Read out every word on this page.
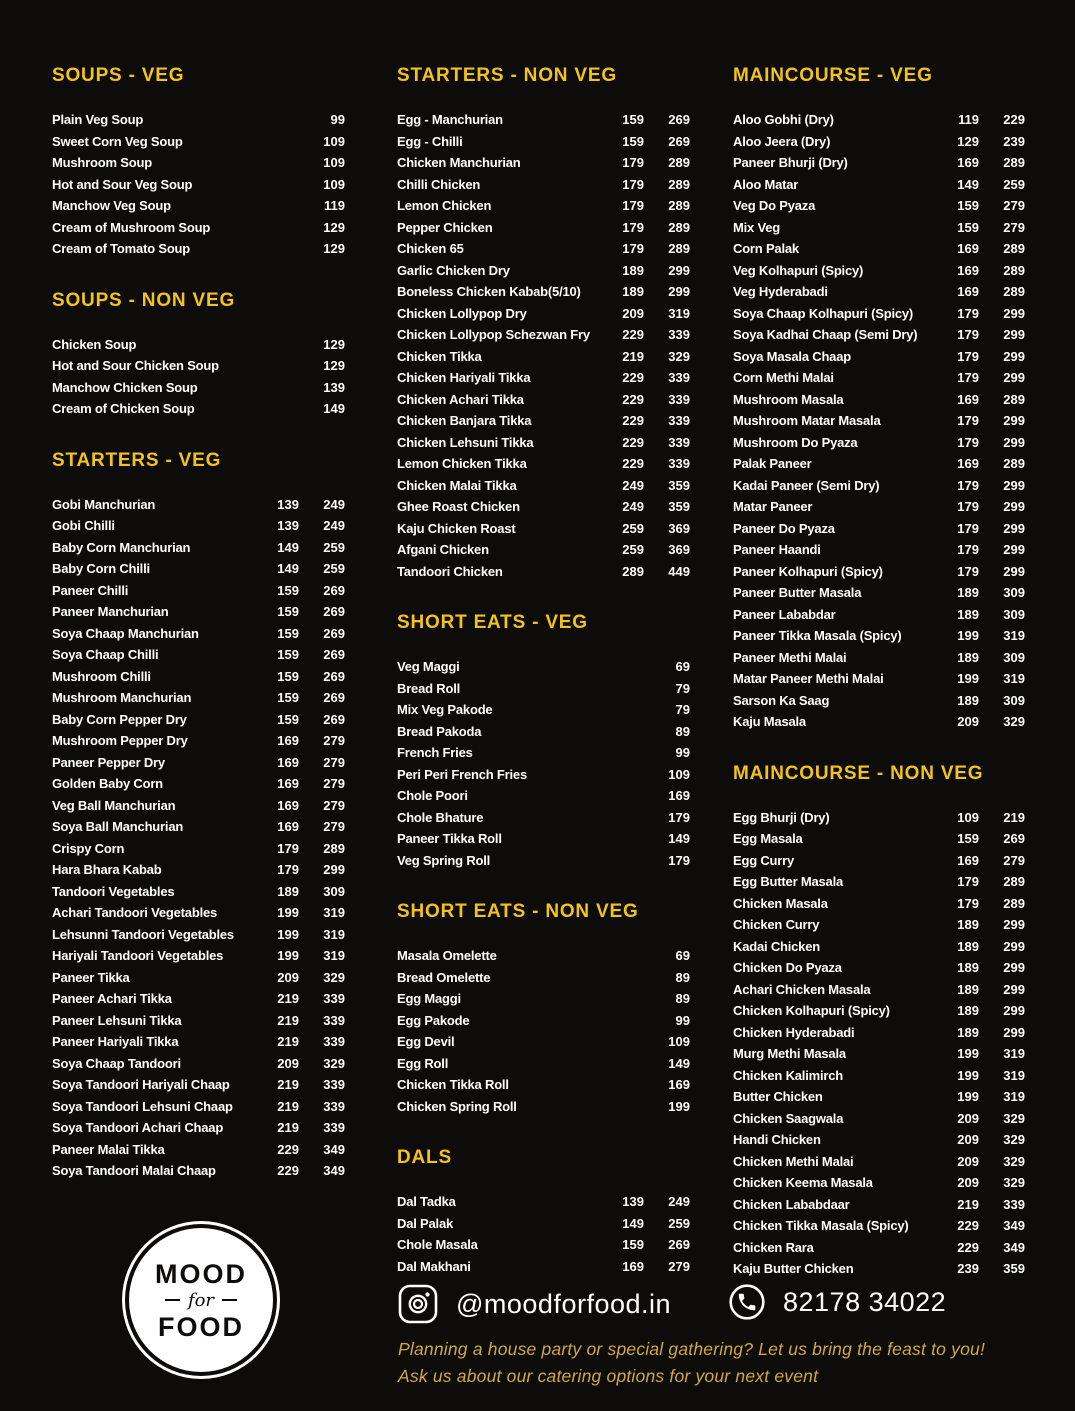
SOUPS - VEG
Plain Veg Soup	99
Sweet Corn Veg Soup	109
Mushroom Soup	109
Hot and Sour Veg Soup	109
Manchow Veg Soup	119
Cream of Mushroom Soup	129
Cream of Tomato Soup	129
SOUPS - NON VEG
Chicken Soup	129
Hot and Sour Chicken Soup	129
Manchow Chicken Soup	139
Cream of Chicken Soup	149
STARTERS - VEG
Gobi Manchurian	139	249
Gobi Chilli	139	249
Baby Corn Manchurian	149	259
Baby Corn Chilli	149	259
Paneer Chilli	159	269
Paneer Manchurian	159	269
Soya Chaap Manchurian	159	269
Soya Chaap Chilli	159	269
Mushroom Chilli	159	269
Mushroom Manchurian	159	269
Baby Corn Pepper Dry	159	269
Mushroom Pepper Dry	169	279
Paneer Pepper Dry	169	279
Golden Baby Corn	169	279
Veg Ball Manchurian	169	279
Soya Ball Manchurian	169	279
Crispy Corn	179	289
Hara Bhara Kabab	179	299
Tandoori Vegetables	189	309
Achari Tandoori Vegetables	199	319
Lehsunni Tandoori Vegetables	199	319
Hariyali Tandoori Vegetables	199	319
Paneer Tikka	209	329
Paneer Achari Tikka	219	339
Paneer Lehsuni Tikka	219	339
Paneer Hariyali Tikka	219	339
Soya Chaap Tandoori	209	329
Soya Tandoori Hariyali Chaap	219	339
Soya Tandoori Lehsuni Chaap	219	339
Soya Tandoori Achari Chaap	219	339
Paneer Malai Tikka	229	349
Soya Tandoori Malai Chaap	229	349
STARTERS - NON VEG
Egg - Manchurian	159	269
Egg - Chilli	159	269
Chicken Manchurian	179	289
Chilli Chicken	179	289
Lemon Chicken	179	289
Pepper Chicken	179	289
Chicken 65	179	289
Garlic Chicken Dry	189	299
Boneless Chicken Kabab(5/10)	189	299
Chicken Lollypop Dry	209	319
Chicken Lollypop Schezwan Fry	229	339
Chicken Tikka	219	329
Chicken Hariyali Tikka	229	339
Chicken Achari Tikka	229	339
Chicken Banjara Tikka	229	339
Chicken Lehsuni Tikka	229	339
Lemon Chicken Tikka	229	339
Chicken Malai Tikka	249	359
Ghee Roast Chicken	249	359
Kaju Chicken Roast	259	369
Afgani Chicken	259	369
Tandoori Chicken	289	449
SHORT EATS - VEG
Veg Maggi	69
Bread Roll	79
Mix Veg Pakode	79
Bread Pakoda	89
French Fries	99
Peri Peri French Fries	109
Chole Poori	169
Chole Bhature	179
Paneer Tikka Roll	149
Veg Spring Roll	179
SHORT EATS - NON VEG
Masala Omelette	69
Bread Omelette	89
Egg Maggi	89
Egg Pakode	99
Egg Devil	109
Egg Roll	149
Chicken Tikka Roll	169
Chicken Spring Roll	199
DALS
Dal Tadka	139	249
Dal Palak	149	259
Chole Masala	159	269
Dal Makhani	169	279
MAINCOURSE - VEG
Aloo Gobhi (Dry)	119	229
Aloo Jeera (Dry)	129	239
Paneer Bhurji (Dry)	169	289
Aloo Matar	149	259
Veg Do Pyaza	159	279
Mix Veg	159	279
Corn Palak	169	289
Veg Kolhapuri (Spicy)	169	289
Veg Hyderabadi	169	289
Soya Chaap Kolhapuri (Spicy)	179	299
Soya Kadhai Chaap (Semi Dry)	179	299
Soya Masala Chaap	179	299
Corn Methi Malai	179	299
Mushroom Masala	169	289
Mushroom Matar Masala	179	299
Mushroom Do Pyaza	179	299
Palak Paneer	169	289
Kadai Paneer (Semi Dry)	179	299
Matar Paneer	179	299
Paneer Do Pyaza	179	299
Paneer Haandi	179	299
Paneer Kolhapuri (Spicy)	179	299
Paneer Butter Masala	189	309
Paneer Lababdar	189	309
Paneer Tikka Masala (Spicy)	199	319
Paneer Methi Malai	189	309
Matar Paneer Methi Malai	199	319
Sarson Ka Saag	189	309
Kaju Masala	209	329
MAINCOURSE - NON VEG
Egg Bhurji (Dry)	109	219
Egg Masala	159	269
Egg Curry	169	279
Egg Butter Masala	179	289
Chicken Masala	179	289
Chicken Curry	189	299
Kadai Chicken	189	299
Chicken Do Pyaza	189	299
Achari Chicken Masala	189	299
Chicken Kolhapuri (Spicy)	189	299
Chicken Hyderabadi	189	299
Murg Methi Masala	199	319
Chicken Kalimirch	199	319
Butter Chicken	199	319
Chicken Saagwala	209	329
Handi Chicken	209	329
Chicken Methi Malai	209	329
Chicken Keema Masala	209	329
Chicken Lababdaar	219	339
Chicken Tikka Masala (Spicy)	229	349
Chicken Rara	229	349
Kaju Butter Chicken	239	359
MOOD
for
FOOD
@moodforfood.in	82178 34022
Planning a house party or special gathering? Let us bring the feast to you!
Ask us about our catering options for your next event
